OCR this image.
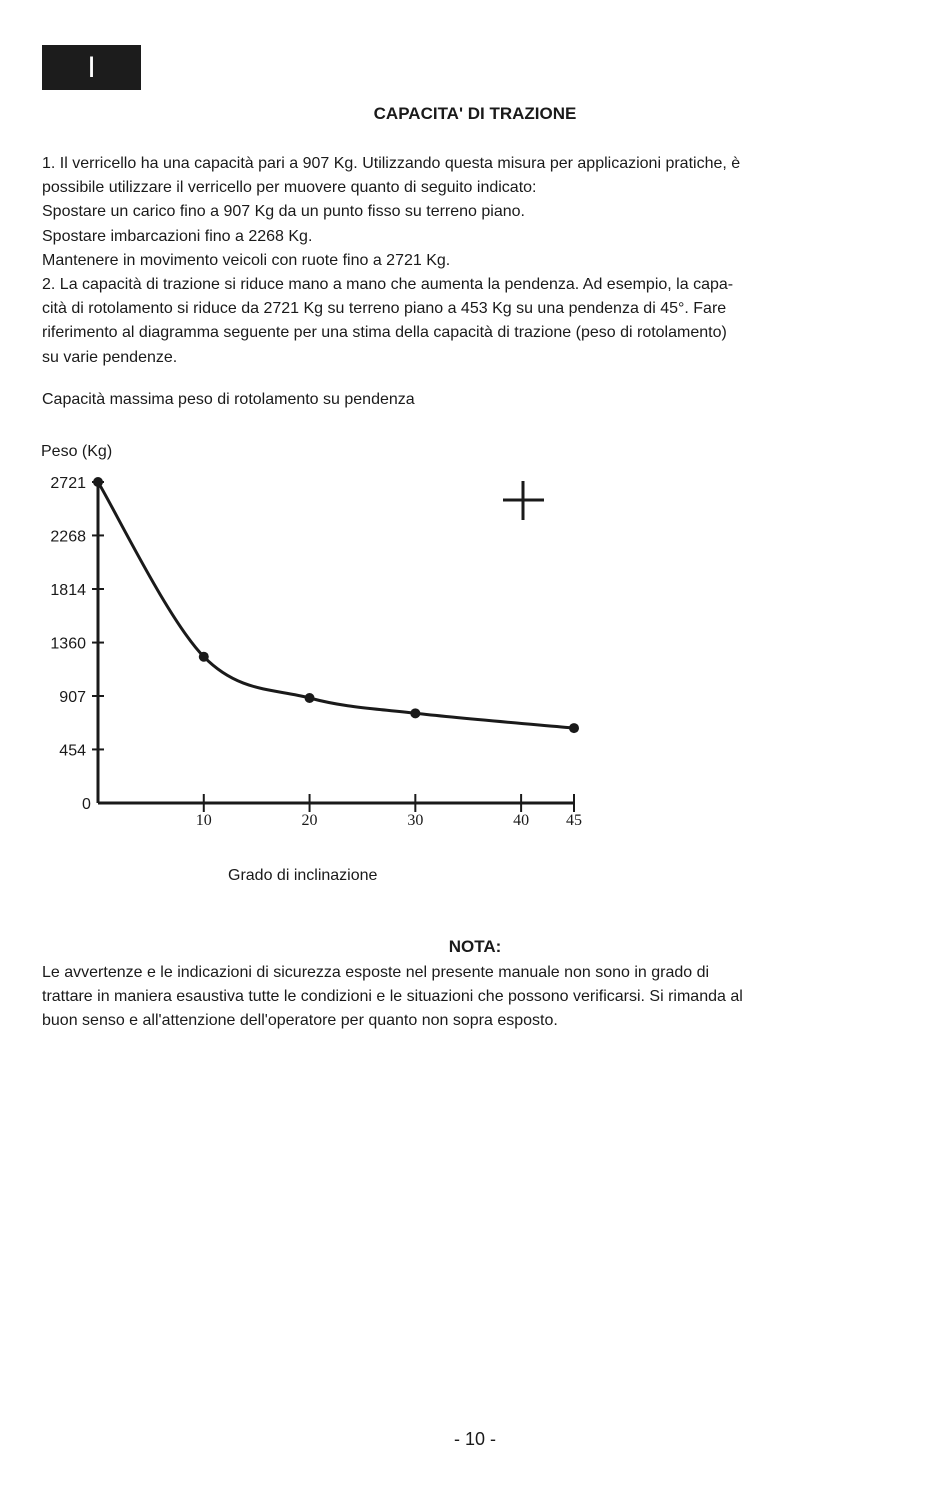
I
CAPACITA' DI TRAZIONE
1. Il verricello ha una capacità pari a 907 Kg. Utilizzando questa misura per applicazioni pratiche, è
possibile utilizzare il verricello per muovere quanto di seguito indicato:
Spostare un carico fino a 907 Kg da un punto fisso su terreno piano.
Spostare imbarcazioni fino a 2268 Kg.
Mantenere in movimento veicoli con ruote fino a 2721 Kg.
2. La capacità di trazione si riduce mano a mano che aumenta la pendenza. Ad esempio, la capa-
cità di rotolamento si riduce da 2721 Kg su terreno piano a 453 Kg su una pendenza di 45°. Fare
riferimento al diagramma seguente per una stima della capacità di trazione (peso di rotolamento)
su varie pendenze.
Capacità massima peso di rotolamento su pendenza
Peso (Kg)
0
2721
2268
1814
1360
907
454
10	20	30	40 45
Grado di inclinazione
NOTA:
Le avvertenze e le indicazioni di sicurezza esposte nel presente manuale non sono in grado di
trattare in maniera esaustiva tutte le condizioni e le situazioni che possono verificarsi. Si rimanda al
buon senso e all'attenzione dell'operatore per quanto non sopra esposto.
- 10 -
